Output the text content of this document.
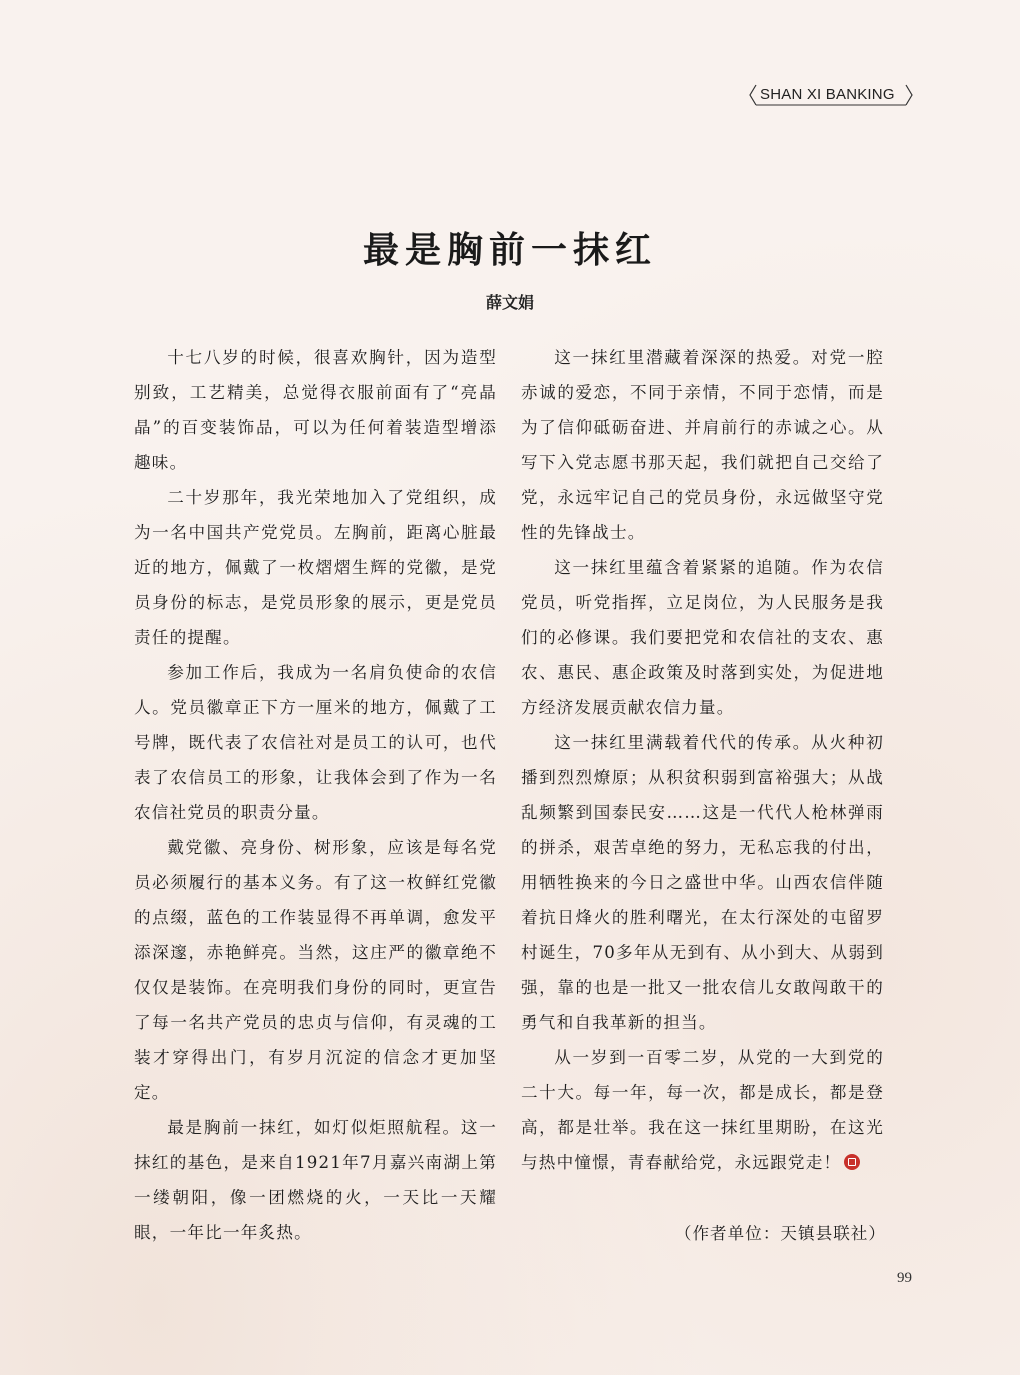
SHAN XI BANKING
最是胸前一抹红
薛文娟

十七八岁的时候，很喜欢胸针，因为造型别致，工艺精美，总觉得衣服前面有了“亮晶晶”的百变装饰品，可以为任何着装造型增添趣味。

二十岁那年，我光荣地加入了党组织，成为一名中国共产党党员。左胸前，距离心脏最近的地方，佩戴了一枚熠熠生辉的党徽，是党员身份的标志，是党员形象的展示，更是党员责任的提醒。

参加工作后，我成为一名肩负使命的农信人。党员徽章正下方一厘米的地方，佩戴了工号牌，既代表了农信社对是员工的认可，也代表了农信员工的形象，让我体会到了作为一名农信社党员的职责分量。

戴党徽、亮身份、树形象，应该是每名党员必须履行的基本义务。有了这一枚鲜红党徽的点缀，蓝色的工作装显得不再单调，愈发平添深邃，赤艳鲜亮。当然，这庄严的徽章绝不仅仅是装饰。在亮明我们身份的同时，更宣告了每一名共产党员的忠贞与信仰，有灵魂的工装才穿得出门，有岁月沉淀的信念才更加坚定。

最是胸前一抹红，如灯似炬照航程。这一抹红的基色，是来自1921年7月嘉兴南湖上第一缕朝阳，像一团燃烧的火，一天比一天耀眼，一年比一年炙热。

这一抹红里潜藏着深深的热爱。对党一腔赤诚的爱恋，不同于亲情，不同于恋情，而是为了信仰砥砺奋进、并肩前行的赤诚之心。从写下入党志愿书那天起，我们就把自己交给了党，永远牢记自己的党员身份，永远做坚守党性的先锋战士。

这一抹红里蕴含着紧紧的追随。作为农信党员，听党指挥，立足岗位，为人民服务是我们的必修课。我们要把党和农信社的支农、惠农、惠民、惠企政策及时落到实处，为促进地方经济发展贡献农信力量。

这一抹红里满载着代代的传承。从火种初播到烈烈燎原；从积贫积弱到富裕强大；从战乱频繁到国泰民安……这是一代代人枪林弹雨的拼杀，艰苦卓绝的努力，无私忘我的付出，用牺牲换来的今日之盛世中华。山西农信伴随着抗日烽火的胜利曙光，在太行深处的屯留罗村诞生，70多年从无到有、从小到大、从弱到强，靠的也是一批又一批农信儿女敢闯敢干的勇气和自我革新的担当。

从一岁到一百零二岁，从党的一大到党的二十大。每一年，每一次，都是成长，都是登高，都是壮举。我在这一抹红里期盼，在这光与热中憧憬，青春献给党，永远跟党走！

（作者单位：天镇县联社）
99
